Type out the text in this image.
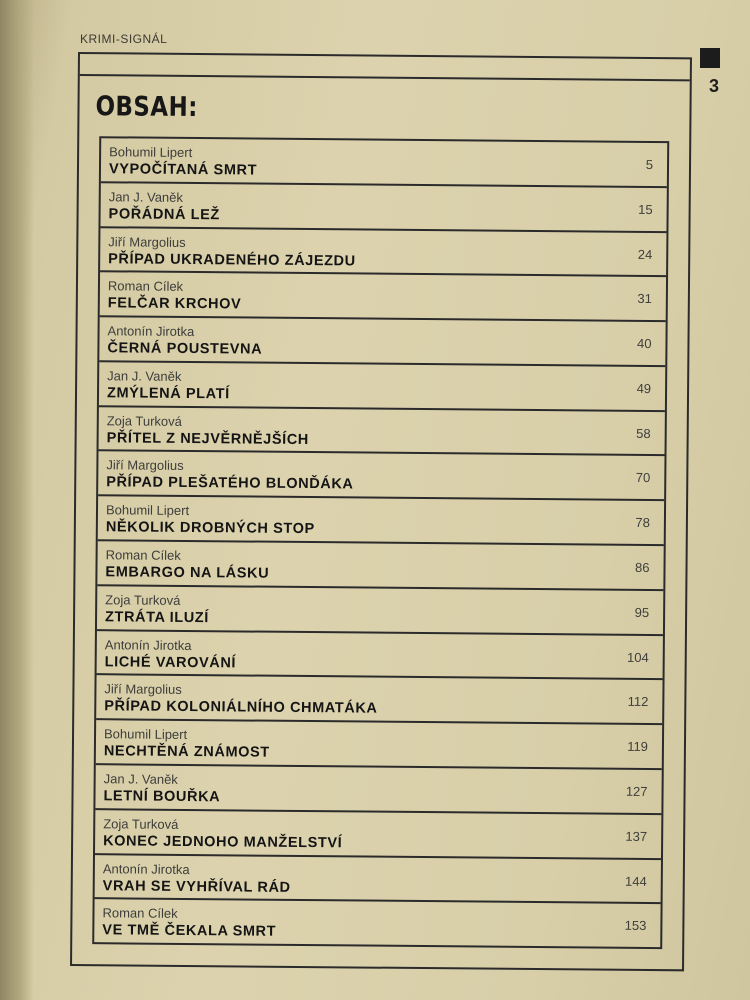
KRIMI-SIGNÁL
3
OBSAH:
Bohumil Lipert
VYPOČÍTANÁ SMRT	5
Jan J. Vaněk
POŘÁDNÁ LEŽ	15
Jiří Margolius
PŘÍPAD UKRADENÉHO ZÁJEZDU	24
Roman Cílek
FELČAR KRCHOV	31
Antonín Jirotka
ČERNÁ POUSTEVNA	40
Jan J. Vaněk
ZMÝLENÁ PLATÍ	49
Zoja Turková
PŘÍTEL Z NEJVĚRNĚJŠÍCH	58
Jiří Margolius
PŘÍPAD PLEŠATÉHO BLONĎÁKA	70
Bohumil Lipert
NĚKOLIK DROBNÝCH STOP	78
Roman Cílek
EMBARGO NA LÁSKU	86
Zoja Turková
ZTRÁTA ILUZÍ	95
Antonín Jirotka
LICHÉ VAROVÁNÍ	104
Jiří Margolius
PŘÍPAD KOLONIÁLNÍHO CHMATÁKA	112
Bohumil Lipert
NECHTĚNÁ ZNÁMOST	119
Jan J. Vaněk
LETNÍ BOUŘKA	127
Zoja Turková
KONEC JEDNOHO MANŽELSTVÍ	137
Antonín Jirotka
VRAH SE VYHŘÍVAL RÁD	144
Roman Cílek
VE TMĚ ČEKALA SMRT	153
